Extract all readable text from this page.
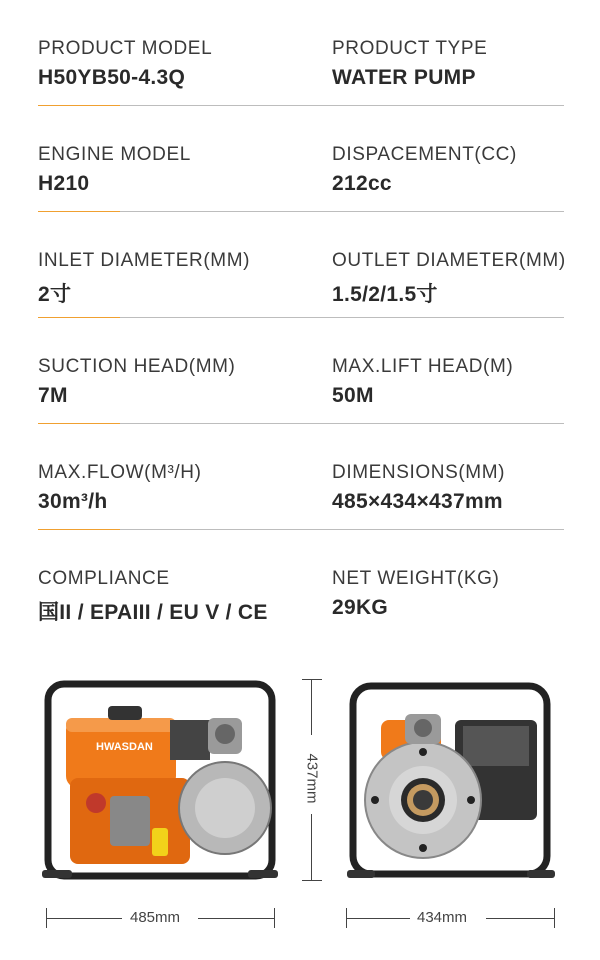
PRODUCT MODEL
H50YB50-4.3Q
PRODUCT TYPE
WATER PUMP
ENGINE MODEL
H210
DISPACEMENT(CC)
212cc
INLET DIAMETER(MM)
2寸
OUTLET DIAMETER(MM)
1.5/2/1.5寸
SUCTION HEAD(MM)
7M
MAX.LIFT HEAD(M)
50M
MAX.FLOW(M³/H)
30m³/h
DIMENSIONS(MM)
485×434×437mm
COMPLIANCE
国II / EPAIII / EU V / CE
NET WEIGHT(KG)
29KG
HWASDAN
437mm
485mm	434mm
